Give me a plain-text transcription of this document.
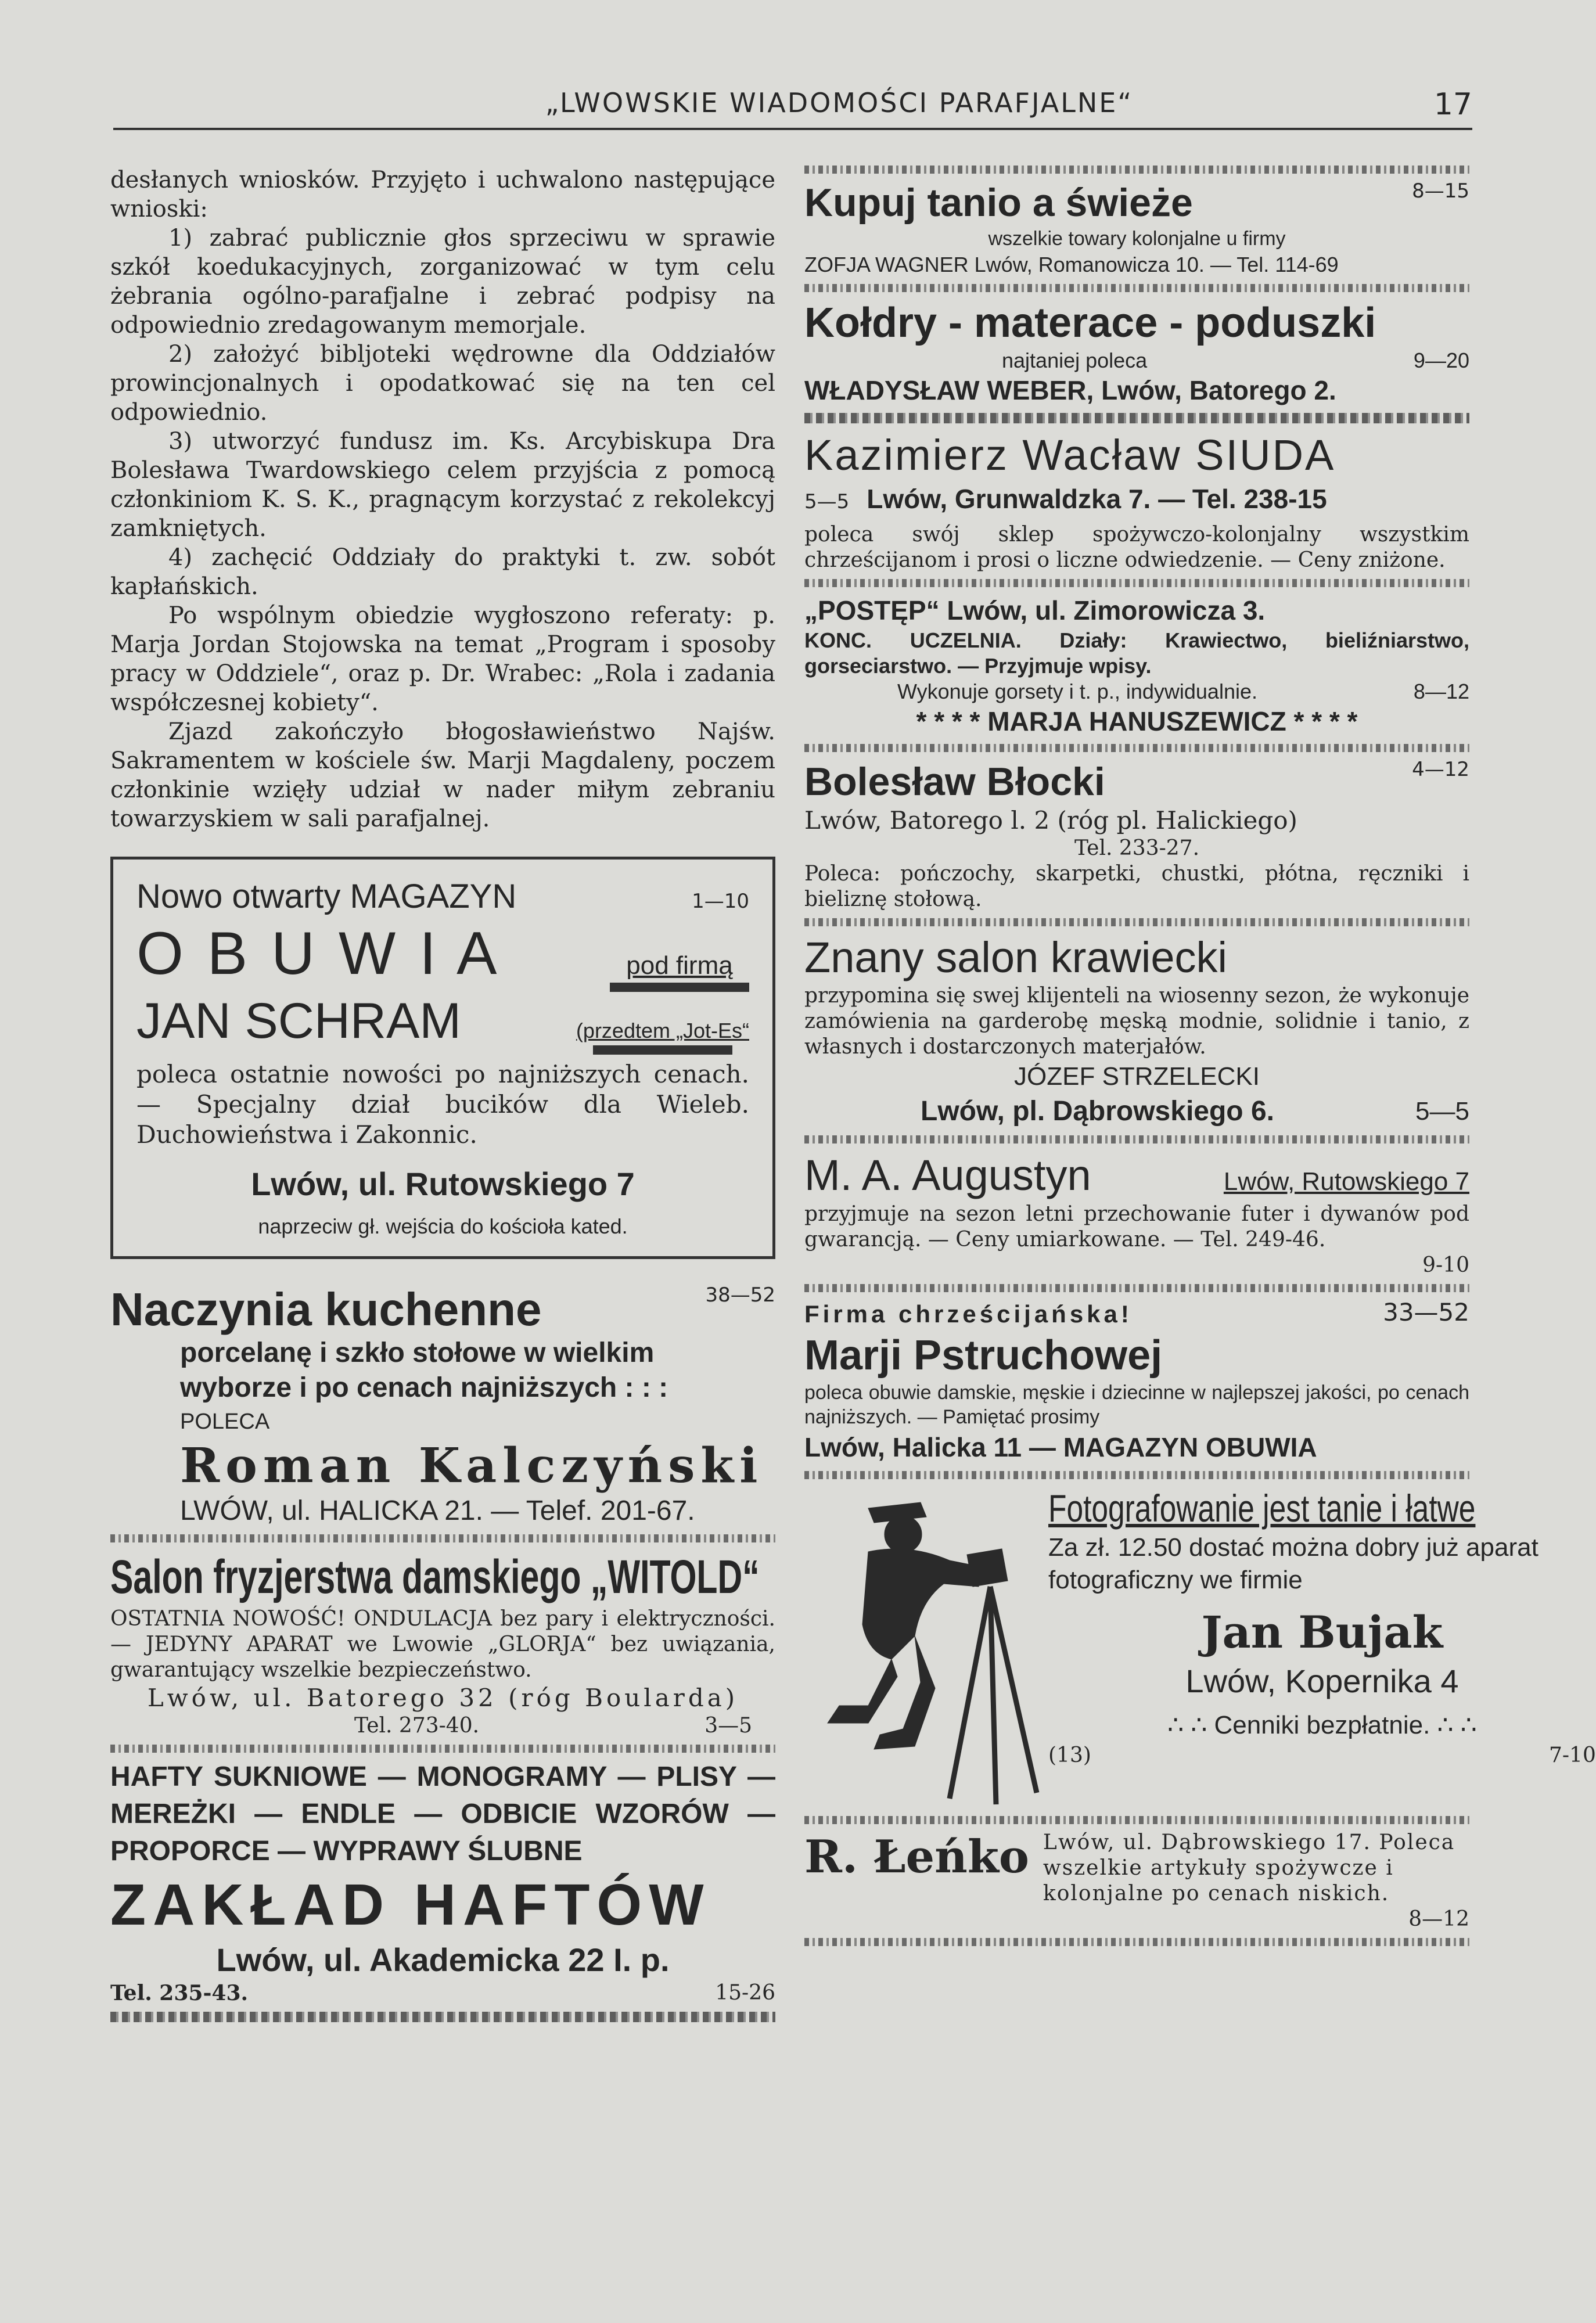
„LWOWSKIE WIADOMOŚCI PARAFJALNE“	17

desłanych wniosków. Przyjęto i uchwalono następujące wnioski:

1) zabrać publicznie głos sprzeciwu w sprawie szkół koedukacyjnych, zorganizować w tym celu żebrania ogólno-parafjalne i zebrać podpisy na odpowiednio zredagowanym memorjale.

2) założyć bibljoteki wędrowne dla Oddziałów prowincjonalnych i opodatkować się na ten cel odpowiednio.

3) utworzyć fundusz im. Ks. Arcybiskupa Dra Bolesława Twardowskiego celem przyjścia z pomocą członkiniom K. S. K., pragnącym korzystać z rekolekcyj zamkniętych.

4) zachęcić Oddziały do praktyki t. zw. sobót kapłańskich.

Po wspólnym obiedzie wygłoszono referaty: p. Marja Jordan Stojowska na temat „Program i sposoby pracy w Oddziele“, oraz p. Dr. Wrabec: „Rola i zadania współczesnej kobiety“.

Zjazd zakończyło błogosławieństwo Najśw. Sakramentem w kościele św. Marji Magdaleny, poczem członkinie wzięły udział w nader miłym zebraniu towarzyskiem w sali parafjalnej.

Nowo otwarty MAGAZYN	1—10
O B U W I A	pod firmą
JAN SCHRAM	(przedtem „Jot-Es“
poleca ostatnie nowości po najniższych cenach. — Specjalny dział bucików dla Wieleb. Duchowieństwa i Zakonnic.
Lwów, ul. Rutowskiego 7
naprzeciw gł. wejścia do kościoła kated.
Naczynia kuchenne	38—52
porcelanę i szkło stołowe w wielkim
wyborze i po cenach najniższych : : :
POLECA
Roman Kalczyński
LWÓW, ul. HALICKA 21. — Telef. 201-67.
Salon fryzjerstwa damskiego „WITOLD“
OSTATNIA NOWOŚĆ! ONDULACJA bez pary i elektryczności. — JEDYNY APARAT we Lwowie „GLORJA“ bez uwiązania, gwarantujący wszelkie bezpieczeństwo.
Lwów, ul. Batorego 32 (róg Boularda)
Tel. 273-40.	3—5
HAFTY SUKNIOWE — MONOGRAMY — PLISY — MEREŻKI — ENDLE — ODBICIE WZORÓW — PROPORCE — WYPRAWY ŚLUBNE
ZAKŁAD HAFTÓW
Lwów, ul. Akademicka 22 I. p.
Tel. 235-43.	15-26
Kupuj tanio a świeże	8—15
wszelkie towary kolonjalne u firmy
ZOFJA WAGNER Lwów, Romanowicza 10. — Tel. 114-69
Kołdry - materace - poduszki
najtaniej poleca	9—20
WŁADYSŁAW WEBER, Lwów, Batorego 2.
Kazimierz Wacław SIUDA
5—5 Lwów, Grunwaldzka 7. — Tel. 238-15
poleca swój sklep spożywczo-kolonjalny wszystkim chrześcijanom i prosi o liczne odwiedzenie. — Ceny zniżone.
„POSTĘP“ Lwów, ul. Zimorowicza 3.
KONC. UCZELNIA. Działy: Krawiectwo, bieliźniarstwo, gorseciarstwo. — Przyjmuje wpisy.
Wykonuje gorsety i t. p., indywidualnie.	8—12
* * * * MARJA HANUSZEWICZ * * * *
Bolesław Błocki	4—12
Lwów, Batorego l. 2 (róg pl. Halickiego)
Tel. 233-27.
Poleca: pończochy, skarpetki, chustki, płótna, ręczniki i bieliznę stołową.
Znany salon krawiecki
przypomina się swej klijenteli na wiosenny sezon, że wykonuje zamówienia na garderobę męską modnie, solidnie i tanio, z własnych i dostarczonych materjałów.
JÓZEF STRZELECKI
Lwów, pl. Dąbrowskiego 6.	5—5
M. A. Augustyn	Lwów, Rutowskiego 7
przyjmuje na sezon letni przechowanie futer i dywanów pod gwarancją. — Ceny umiarkowane. — Tel. 249-46.
9-10
Firma chrześcijańska!	33—52
Marji Pstruchowej
poleca obuwie damskie, męskie i dziecinne w najlepszej jakości, po cenach najniższych. — Pamiętać prosimy
Lwów, Halicka 11 — MAGAZYN OBUWIA
Fotografowanie jest tanie i łatwe
Za zł. 12.50 dostać można dobry już aparat fotograficzny we firmie
Jan Bujak
Lwów, Kopernika 4
∴ ∴ Cenniki bezpłatnie. ∴ ∴
(13)	7-10
R. Łeńko Lwów, ul. Dąbrowskiego 17. Poleca wszelkie artykuły spożywcze i kolonjalne po cenach niskich.
8—12
